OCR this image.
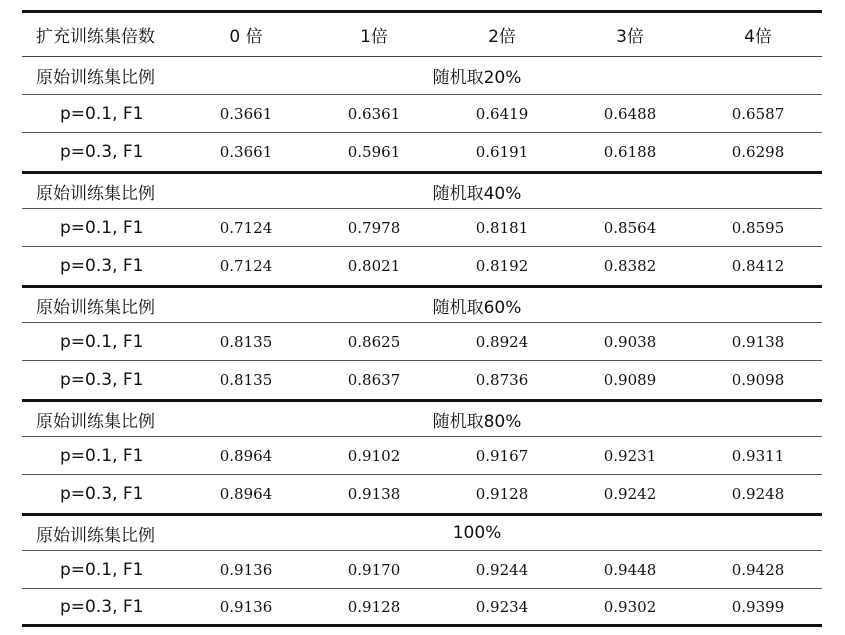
扩充训练集倍数	0 倍	1倍	2倍	3倍	4倍
原始训练集比例	随机取20%
p=0.1, F1	0.3661	0.6361	0.6419	0.6488	0.6587
p=0.3, F1	0.3661	0.5961	0.6191	0.6188	0.6298
原始训练集比例	随机取40%
p=0.1, F1	0.7124	0.7978	0.8181	0.8564	0.8595
p=0.3, F1	0.7124	0.8021	0.8192	0.8382	0.8412
原始训练集比例	随机取60%
p=0.1, F1	0.8135	0.8625	0.8924	0.9038	0.9138
p=0.3, F1	0.8135	0.8637	0.8736	0.9089	0.9098
原始训练集比例	随机取80%
p=0.1, F1	0.8964	0.9102	0.9167	0.9231	0.9311
p=0.3, F1	0.8964	0.9138	0.9128	0.9242	0.9248
原始训练集比例	100%
p=0.1, F1	0.9136	0.9170	0.9244	0.9448	0.9428
p=0.3, F1	0.9136	0.9128	0.9234	0.9302	0.9399
